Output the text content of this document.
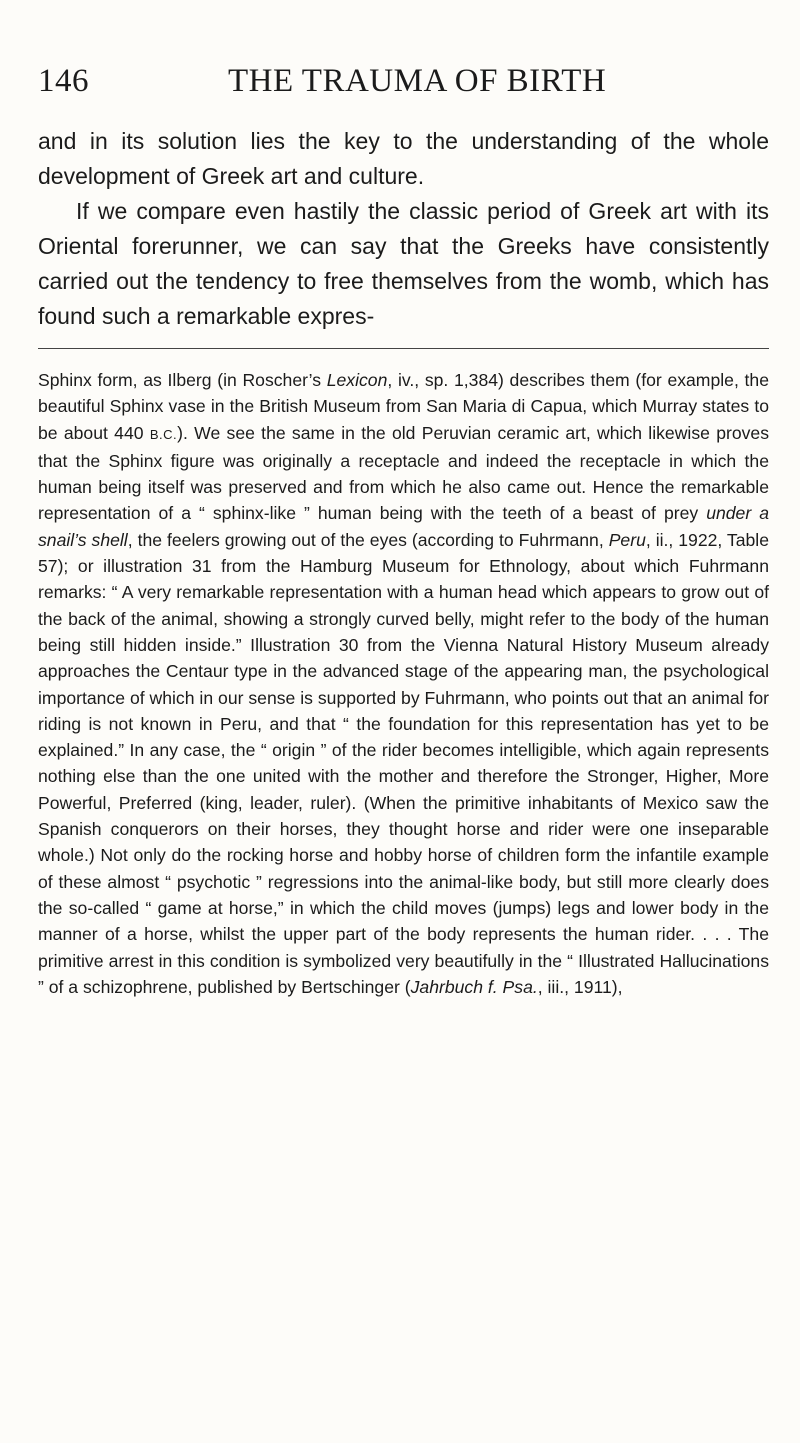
146	THE TRAUMA OF BIRTH

and in its solution lies the key to the understanding of the whole development of Greek art and culture.

If we compare even hastily the classic period of Greek art with its Oriental forerunner, we can say that the Greeks have consistently carried out the tendency to free themselves from the womb, which has found such a remarkable expres-

Sphinx form, as Ilberg (in Roscher’s Lexicon, iv., sp. 1,384) describes them (for example, the beautiful Sphinx vase in the British Museum from San Maria di Capua, which Murray states to be about 440 B.C.). We see the same in the old Peruvian ceramic art, which likewise proves that the Sphinx figure was originally a receptacle and indeed the receptacle in which the human being itself was preserved and from which he also came out. Hence the remarkable representation of a “ sphinx-like ” human being with the teeth of a beast of prey under a snail’s shell, the feelers growing out of the eyes (according to Fuhrmann, Peru, ii., 1922, Table 57); or illustration 31 from the Hamburg Museum for Ethnology, about which Fuhrmann remarks: “ A very remarkable representation with a human head which appears to grow out of the back of the animal, showing a strongly curved belly, might refer to the body of the human being still hidden inside.” Illustration 30 from the Vienna Natural History Museum already approaches the Centaur type in the advanced stage of the appearing man, the psychological importance of which in our sense is supported by Fuhrmann, who points out that an animal for riding is not known in Peru, and that “ the foundation for this representation has yet to be explained.” In any case, the “ origin ” of the rider becomes intelligible, which again represents nothing else than the one united with the mother and therefore the Stronger, Higher, More Powerful, Preferred (king, leader, ruler). (When the primitive inhabitants of Mexico saw the Spanish conquerors on their horses, they thought horse and rider were one inseparable whole.) Not only do the rocking horse and hobby horse of children form the infantile example of these almost “ psychotic ” regressions into the animal-like body, but still more clearly does the so-called “ game at horse,” in which the child moves (jumps) legs and lower body in the manner of a horse, whilst the upper part of the body represents the human rider. . . . The primitive arrest in this condition is symbolized very beautifully in the “ Illustrated Hallucinations ” of a schizophrene, published by Bertschinger (Jahrbuch f. Psa., iii., 1911),
